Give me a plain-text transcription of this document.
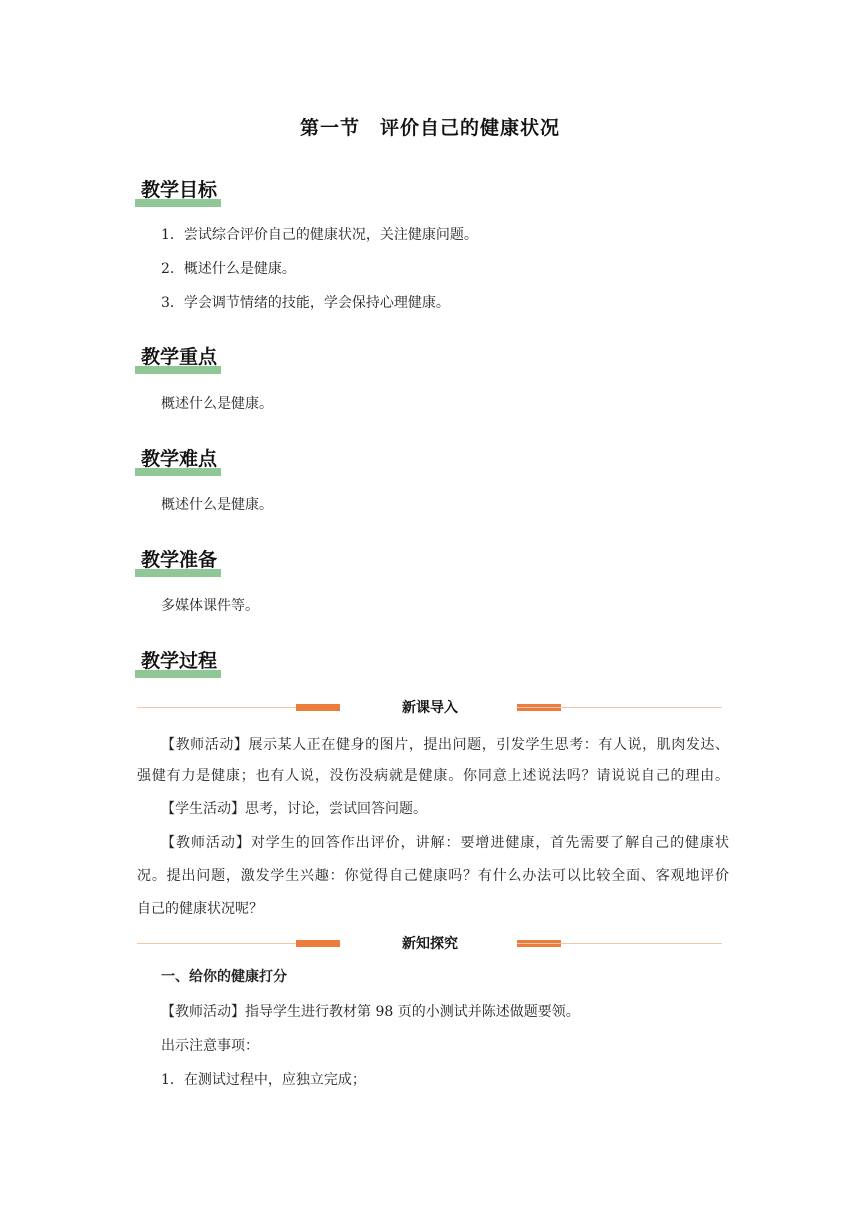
第一节　评价自己的健康状况
教学目标
1．尝试综合评价自己的健康状况，关注健康问题。
2．概述什么是健康。
3．学会调节情绪的技能，学会保持心理健康。
教学重点
概述什么是健康。
教学难点
概述什么是健康。
教学准备
多媒体课件等。
教学过程
新课导入
【教师活动】展示某人正在健身的图片，提出问题，引发学生思考：有人说，肌肉发达、
强健有力是健康；也有人说，没伤没病就是健康。你同意上述说法吗？请说说自己的理由。
【学生活动】思考，讨论，尝试回答问题。
【教师活动】对学生的回答作出评价，讲解：要增进健康，首先需要了解自己的健康状
况。提出问题，激发学生兴趣：你觉得自己健康吗？有什么办法可以比较全面、客观地评价
自己的健康状况呢？
新知探究
一、给你的健康打分
【教师活动】指导学生进行教材第 98 页的小测试并陈述做题要领。
出示注意事项：
1．在测试过程中，应独立完成；
